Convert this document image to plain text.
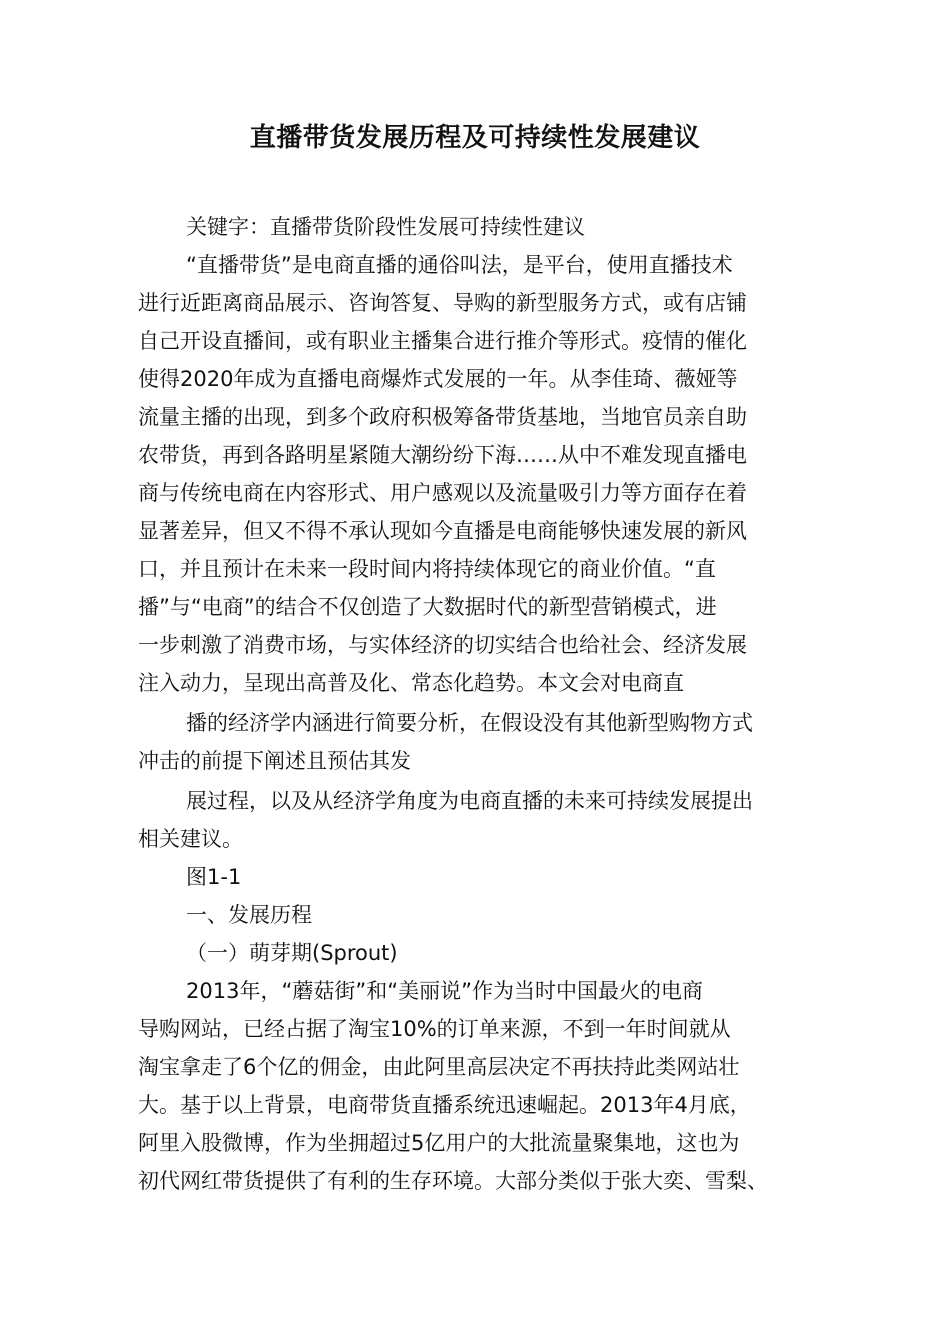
直播带货发展历程及可持续性发展建议
关键字：直播带货阶段性发展可持续性建议
“直播带货”是电商直播的通俗叫法，是平台，使用直播技术
进行近距离商品展示、咨询答复、导购的新型服务方式，或有店铺
自己开设直播间，或有职业主播集合进行推介等形式。疫情的催化
使得2020年成为直播电商爆炸式发展的一年。从李佳琦、薇娅等
流量主播的出现，到多个政府积极筹备带货基地，当地官员亲自助
农带货，再到各路明星紧随大潮纷纷下海……从中不难发现直播电
商与传统电商在内容形式、用户感观以及流量吸引力等方面存在着
显著差异，但又不得不承认现如今直播是电商能够快速发展的新风
口，并且预计在未来一段时间内将持续体现它的商业价值。“直
播”与“电商”的结合不仅创造了大数据时代的新型营销模式，进
一步刺激了消费市场，与实体经济的切实结合也给社会、经济发展
注入动力，呈现出高普及化、常态化趋势。本文会对电商直
播的经济学内涵进行简要分析，在假设没有其他新型购物方式
冲击的前提下阐述且预估其发
展过程，以及从经济学角度为电商直播的未来可持续发展提出
相关建议。
图1-1
一、发展历程
（一）萌芽期(Sprout)
2013年，“蘑菇街”和“美丽说”作为当时中国最火的电商
导购网站，已经占据了淘宝10%的订单来源，不到一年时间就从
淘宝拿走了6个亿的佣金，由此阿里高层决定不再扶持此类网站壮
大。基于以上背景，电商带货直播系统迅速崛起。2013年4月底，
阿里入股微博，作为坐拥超过5亿用户的大批流量聚集地，这也为
初代网红带货提供了有利的生存环境。大部分类似于张大奕、雪梨、
